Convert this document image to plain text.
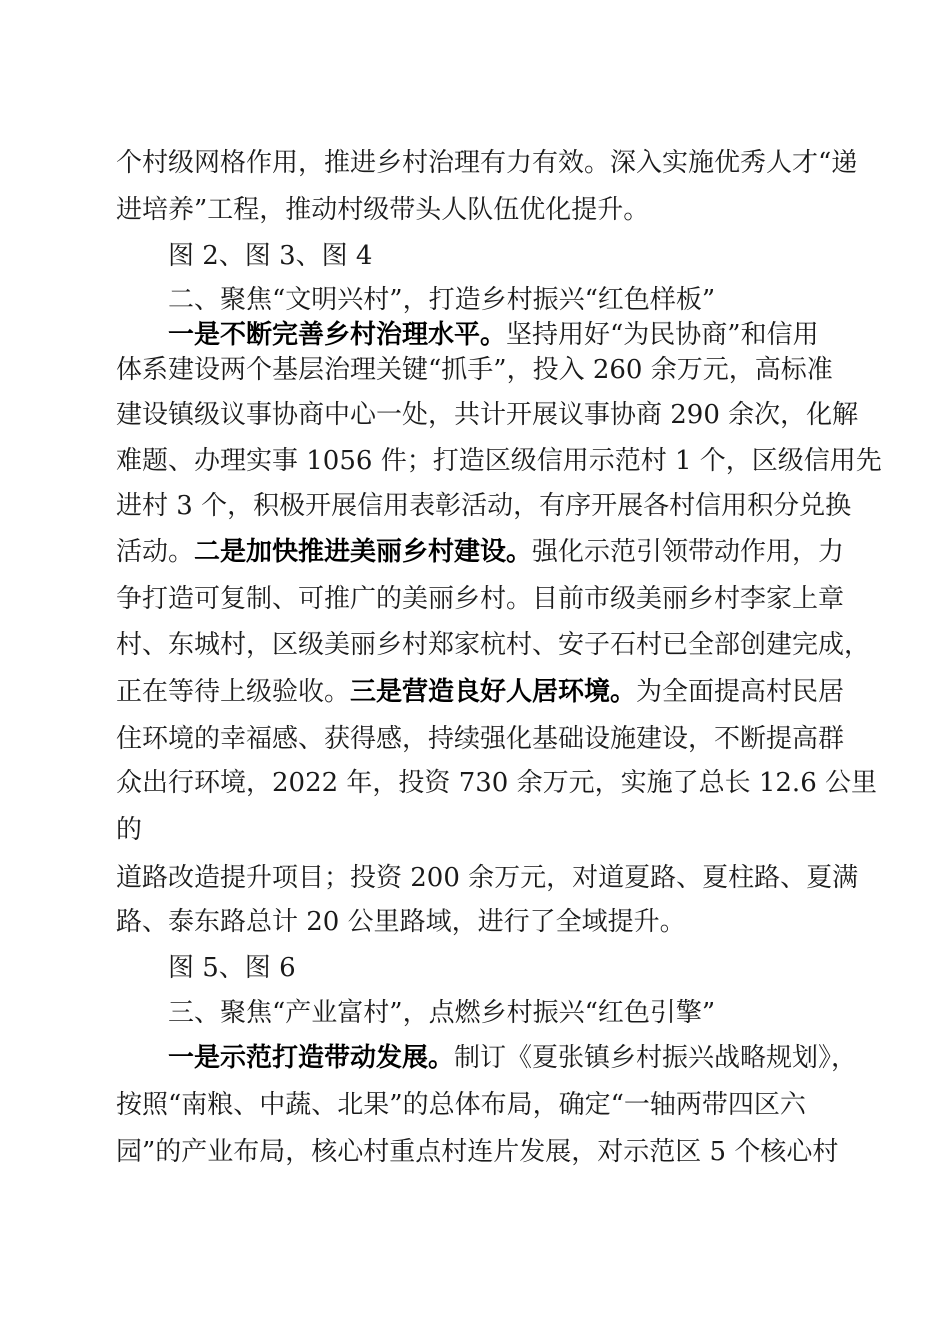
个村级网格作用，推进乡村治理有力有效。深入实施优秀人才“递
进培养”工程，推动村级带头人队伍优化提升。
图 2、图 3、图 4
二、聚焦“文明兴村”，打造乡村振兴“红色样板”
一是不断完善乡村治理水平。坚持用好“为民协商”和信用
体系建设两个基层治理关键“抓手”，投入 260 余万元，高标准
建设镇级议事协商中心一处，共计开展议事协商 290 余次，化解
难题、办理实事 1056 件；打造区级信用示范村 1 个，区级信用先
进村 3 个，积极开展信用表彰活动，有序开展各村信用积分兑换
活动。二是加快推进美丽乡村建设。强化示范引领带动作用，力
争打造可复制、可推广的美丽乡村。目前市级美丽乡村李家上章
村、东城村，区级美丽乡村郑家杭村、安子石村已全部创建完成，
正在等待上级验收。三是营造良好人居环境。为全面提高村民居
住环境的幸福感、获得感，持续强化基础设施建设，不断提高群
众出行环境，2022 年，投资 730 余万元，实施了总长 12.6 公里
的
道路改造提升项目；投资 200 余万元，对道夏路、夏柱路、夏满
路、泰东路总计 20 公里路域，进行了全域提升。
图 5、图 6
三、聚焦“产业富村”，点燃乡村振兴“红色引擎”
一是示范打造带动发展。制订《夏张镇乡村振兴战略规划》，
按照“南粮、中蔬、北果”的总体布局，确定“一轴两带四区六
园”的产业布局，核心村重点村连片发展，对示范区 5 个核心村
